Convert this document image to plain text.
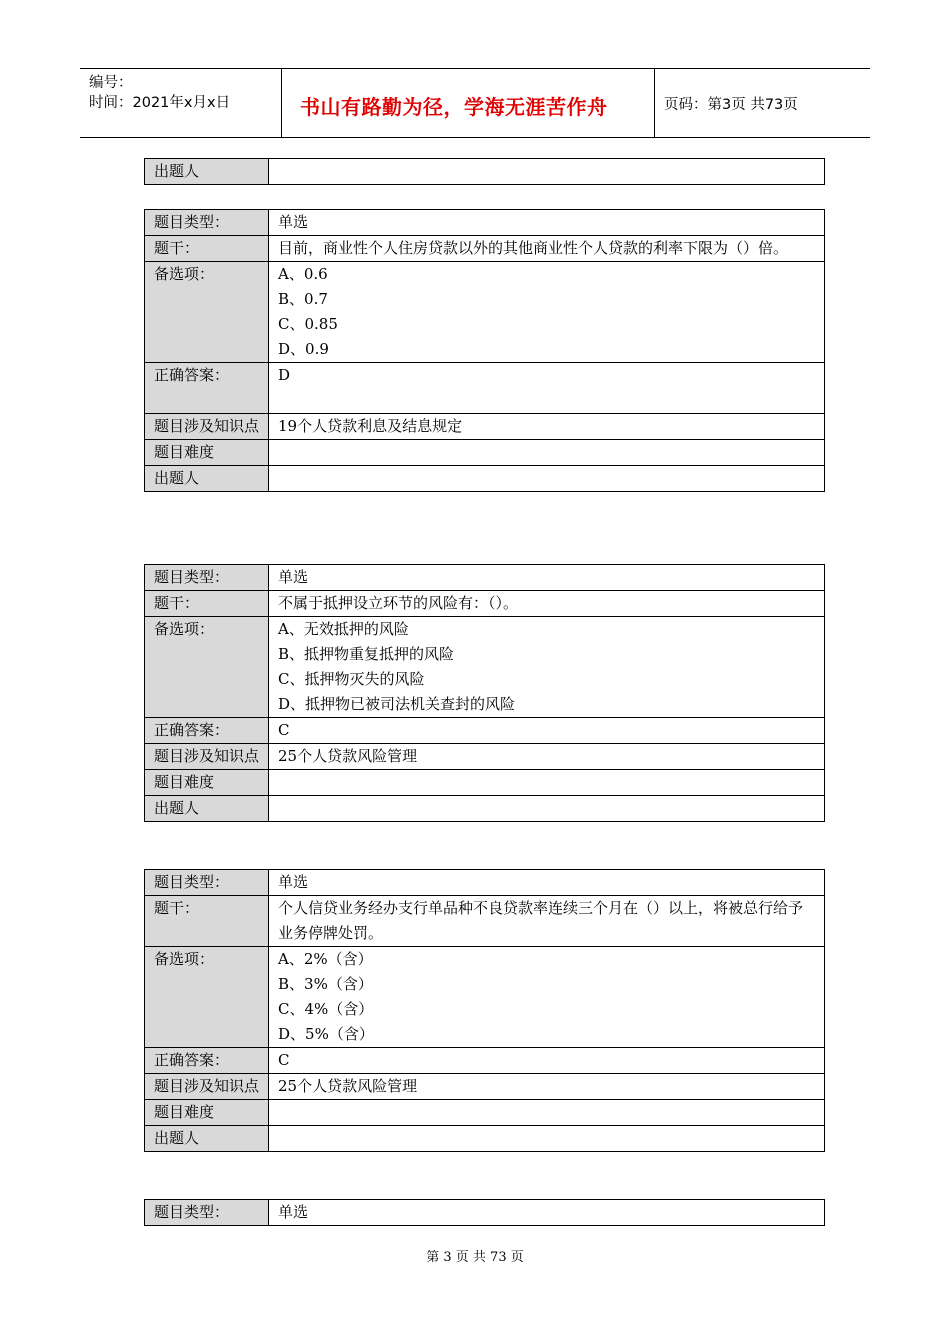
编号：
时间：2021年x月x日	书山有路勤为径，学海无涯苦作舟	页码：第3页 共73页
出题人	
题目类型：	单选
题干：	目前，商业性个人住房贷款以外的其他商业性个人贷款的利率下限为（）倍。
备选项：	A、0.6
B、0.7
C、0.85
D、0.9

正确答案：	D
题目涉及知识点	19个人贷款利息及结息规定
题目难度	
出题人	
题目类型：	单选
题干：	不属于抵押设立环节的风险有：（）。
备选项：	A、无效抵押的风险
B、抵押物重复抵押的风险
C、抵押物灭失的风险
D、抵押物已被司法机关查封的风险

正确答案：	C
题目涉及知识点	25个人贷款风险管理
题目难度	
出题人	
题目类型：	单选
题干：	个人信贷业务经办支行单品种不良贷款率连续三个月在（）以上，将被总行给予业务停牌处罚。
备选项：	A、2%（含）
B、3%（含）
C、4%（含）
D、5%（含）

正确答案：	C
题目涉及知识点	25个人贷款风险管理
题目难度	
出题人	
题目类型：	单选
第 3 页 共 73 页
